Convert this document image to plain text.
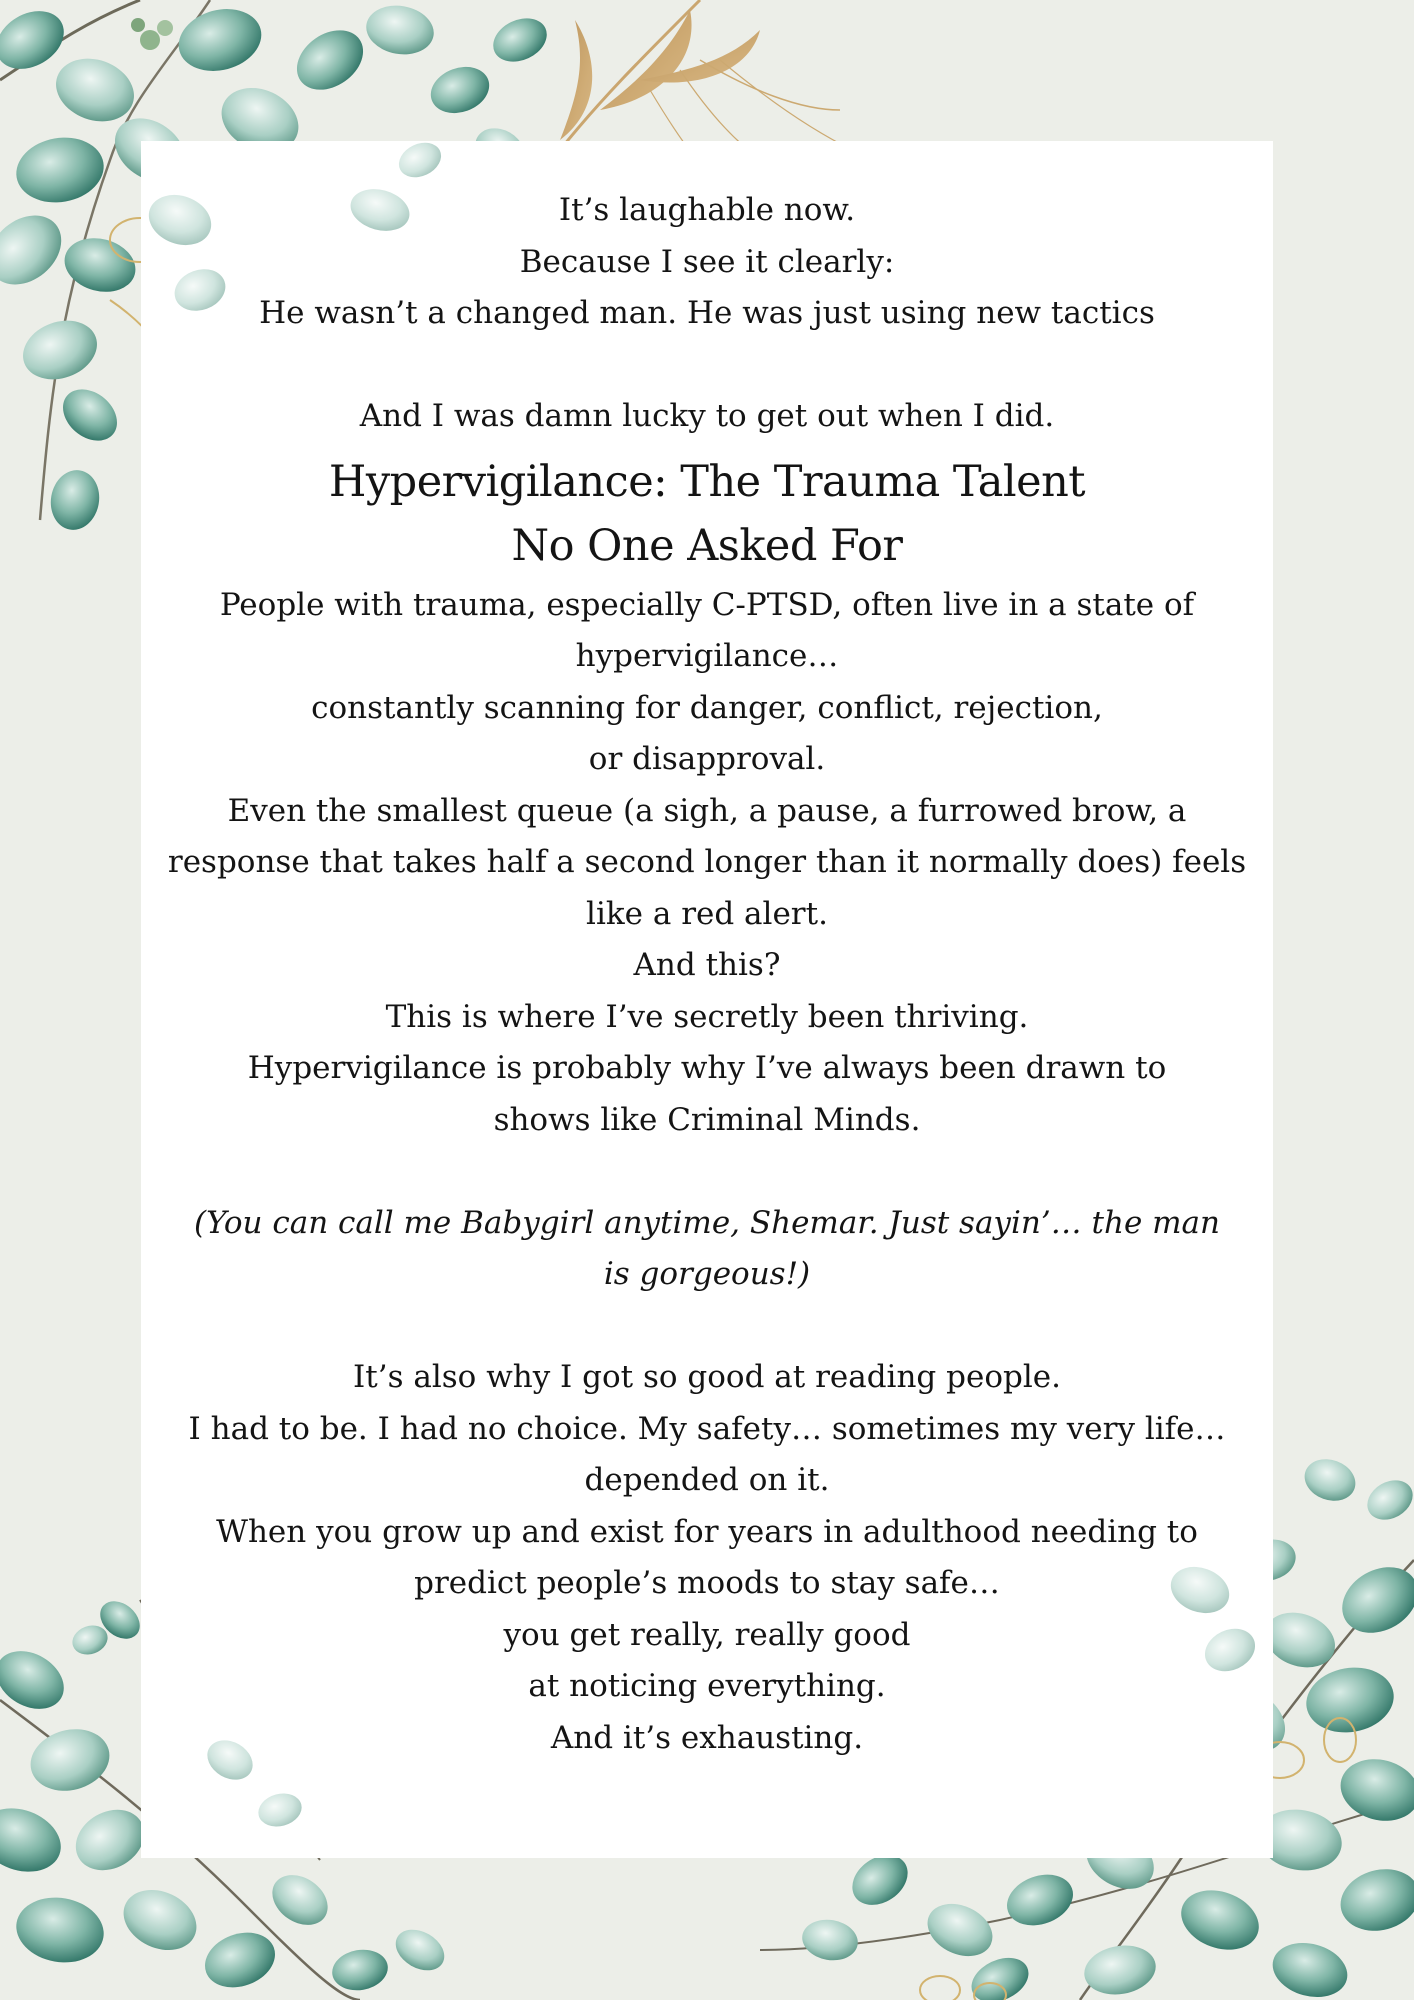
It’s laughable now.

Because I see it clearly:

He wasn’t a changed man. He was just using new tactics

And I was damn lucky to get out when I did.

Hypervigilance: The Trauma Talent
No One Asked For

People with trauma, especially C-PTSD, often live in a state of hypervigilance…

constantly scanning for danger, conflict, rejection, or disapproval.

Even the smallest queue (a sigh, a pause, a furrowed brow, a response that takes half a second longer than it normally does) feels like a red alert.

And this?

This is where I’ve secretly been thriving.

Hypervigilance is probably why I’ve always been drawn to shows like Criminal Minds.

(You can call me Babygirl anytime, Shemar. Just sayin’… the man is gorgeous!)

It’s also why I got so good at reading people.

I had to be. I had no choice. My safety… sometimes my very life… depended on it.

When you grow up and exist for years in adulthood needing to predict people’s moods to stay safe…

you get really, really good

at noticing everything.

And it’s exhausting.
